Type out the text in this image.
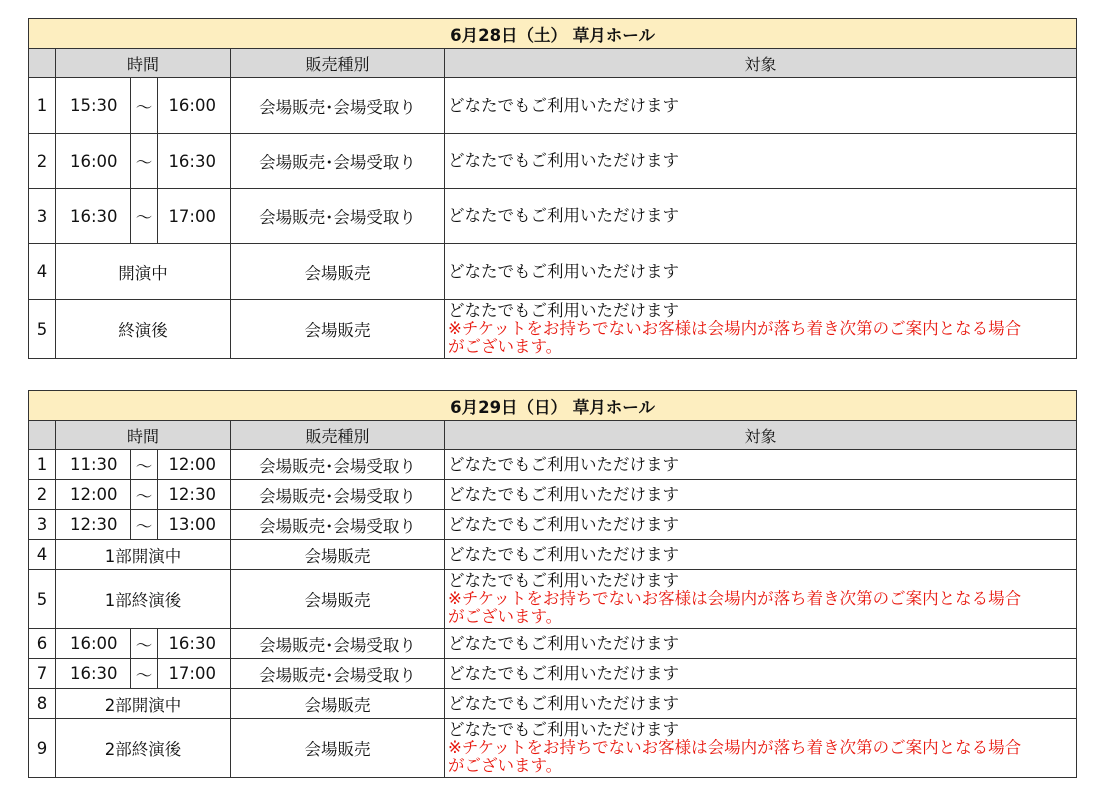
6月28日（土） 草月ホール					
	時間			販売種別	対象
1	15:30	～	16:00	会場販売･会場受取り	どなたでもご利用いただけます
2	16:00	～	16:30	会場販売･会場受取り	どなたでもご利用いただけます
3	16:30	～	17:00	会場販売･会場受取り	どなたでもご利用いただけます
4	開演中			会場販売	どなたでもご利用いただけます
5	終演後			会場販売	どなたでもご利用いただけます
※チケットをお持ちでないお客様は会場内が落ち着き次第のご案内となる場合
がございます。
6月29日（日） 草月ホール					
	時間			販売種別	対象
1	11:30	～	12:00	会場販売･会場受取り	どなたでもご利用いただけます
2	12:00	～	12:30	会場販売･会場受取り	どなたでもご利用いただけます
3	12:30	～	13:00	会場販売･会場受取り	どなたでもご利用いただけます
4	1部開演中			会場販売	どなたでもご利用いただけます
5	1部終演後			会場販売	どなたでもご利用いただけます
※チケットをお持ちでないお客様は会場内が落ち着き次第のご案内となる場合
がございます。

6	16:00	～	16:30	会場販売･会場受取り	どなたでもご利用いただけます
7	16:30	～	17:00	会場販売･会場受取り	どなたでもご利用いただけます
8	2部開演中			会場販売	どなたでもご利用いただけます
9	2部終演後			会場販売	どなたでもご利用いただけます
※チケットをお持ちでないお客様は会場内が落ち着き次第のご案内となる場合
がございます。
